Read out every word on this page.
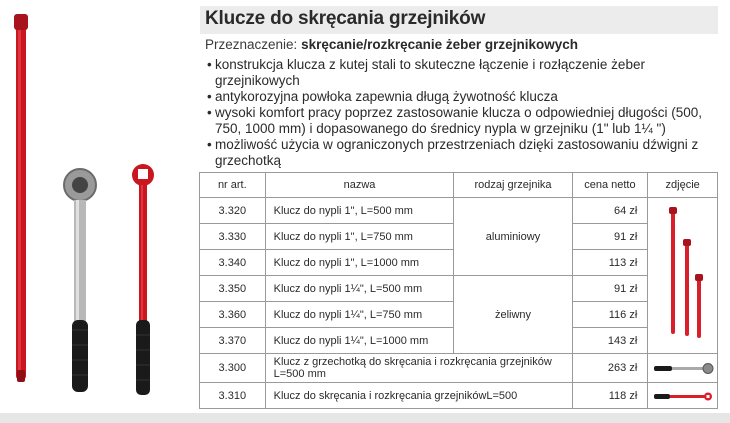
Klucze do skręcania grzejników
Przeznaczenie: skręcanie/rozkręcanie żeber grzejnikowych
• konstrukcja klucza z kutej stali to skuteczne łączenie i rozłączenie żeber grzejnikowych
• antykorozyjna powłoka zapewnia długą żywotność klucza
• wysoki komfort pracy poprzez zastosowanie klucza o odpowiedniej długości (500, 750, 1000 mm) i dopasowanego do średnicy nypla w grzejniku (1" lub 1¼ ")
• możliwość użycia w ograniczonych przestrzeniach dzięki zastosowaniu dźwigni z grzechotką
nr art.	nazwa	rodzaj grzejnika	cena netto	zdjęcie
3.320	Klucz do nypli 1", L=500 mm	aluminiowy	64 zł	

3.330	Klucz do nypli 1", L=750 mm		91 zł	
3.340	Klucz do nypli 1", L=1000 mm		113 zł	
3.350	Klucz do nypli 1¼", L=500 mm	żeliwny	91 zł	
3.360	Klucz do nypli 1¼", L=750 mm		116 zł	
3.370	Klucz do nypli 1¼", L=1000 mm		143 zł	
3.300	Klucz z grzechotką do skręcania i rozkręcania grzejników L=500 mm		263 zł	

3.310	Klucz do skręcania i rozkręcania grzejnikówL=500		118 zł	
